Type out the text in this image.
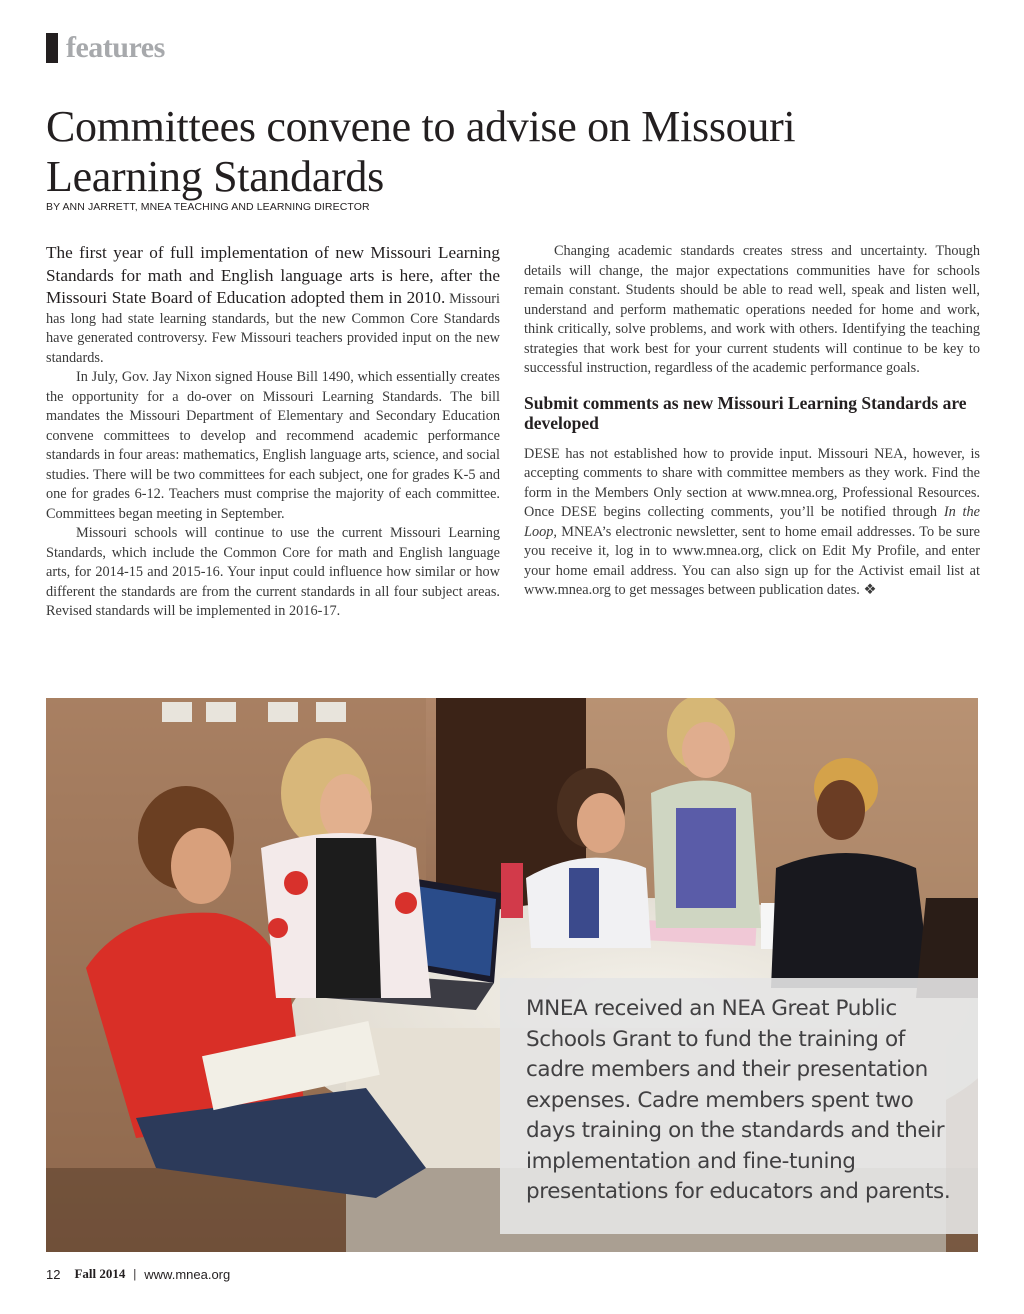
features
Committees convene to advise on Missouri Learning Standards
BY ANN JARRETT, MNEA TEACHING AND LEARNING DIRECTOR

The first year of full implementation of new Missouri Learning Standards for math and English language arts is here, after the Missouri State Board of Education adopted them in 2010. Missouri has long had state learning standards, but the new Common Core Standards have generated controversy. Few Missouri teachers provided input on the new standards.

In July, Gov. Jay Nixon signed House Bill 1490, which essentially creates the opportunity for a do-over on Missouri Learning Standards. The bill mandates the Missouri Department of Elementary and Secondary Education convene committees to develop and recommend academic performance standards in four areas: mathematics, English language arts, science, and social studies. There will be two committees for each subject, one for grades K-5 and one for grades 6-12. Teachers must comprise the majority of each committee. Committees began meeting in September.

Missouri schools will continue to use the current Missouri Learning Standards, which include the Common Core for math and English language arts, for 2014-15 and 2015-16. Your input could influence how similar or how different the standards are from the current standards in all four subject areas. Revised standards will be implemented in 2016-17.

Changing academic standards creates stress and uncertainty. Though details will change, the major expectations communities have for schools remain constant. Students should be able to read well, speak and listen well, understand and perform mathematic operations needed for home and work, think critically, solve problems, and work with others. Identifying the teaching strategies that work best for your current students will continue to be key to successful instruction, regardless of the academic performance goals.

Submit comments as new Missouri Learning Standards are developed

DESE has not established how to provide input. Missouri NEA, however, is accepting comments to share with committee members as they work. Find the form in the Members Only section at www.mnea.org, Professional Resources. Once DESE begins collecting comments, you’ll be notified through In the Loop, MNEA’s electronic newsletter, sent to home email addresses. To be sure you receive it, log in to www.mnea.org, click on Edit My Profile, and enter your home email address. You can also sign up for the Activist email list at www.mnea.org to get messages between publication dates. ❖

MNEA received an NEA Great Public Schools Grant to fund the training of cadre members and their presentation expenses. Cadre members spent two days training on the standards and their implementation and fine-tuning presentations for educators and parents.
12 Fall 2014 | www.mnea.org
